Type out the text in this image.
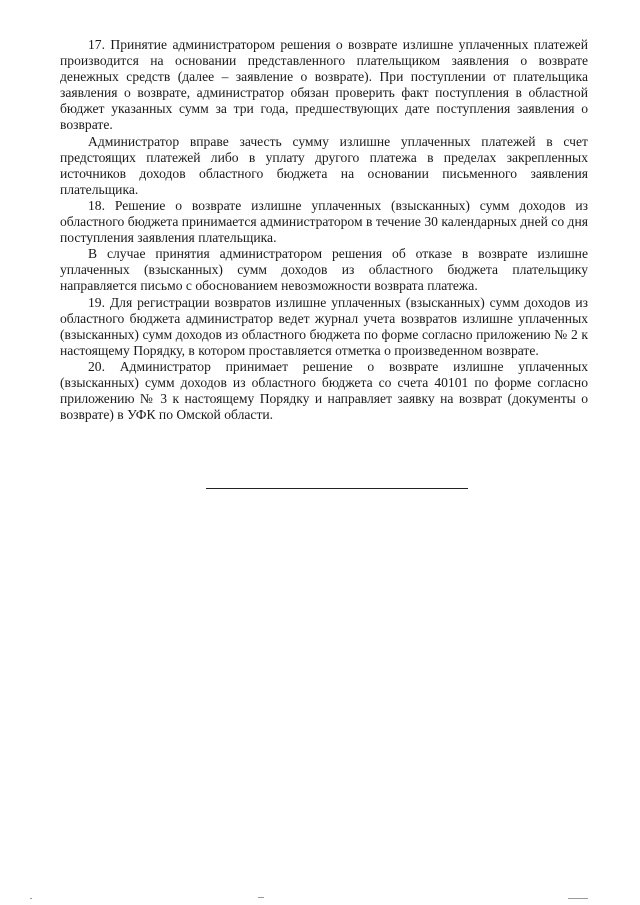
17. Принятие администратором решения о возврате излишне уплаченных платежей производится на основании представленного плательщиком заявления о возврате денежных средств (далее – заявление о возврате). При поступлении от плательщика заявления о возврате, администратор обязан проверить факт поступления в областной бюджет указанных сумм за три года, предшествующих дате поступления заявления о возврате.

Администратор вправе зачесть сумму излишне уплаченных платежей в счет предстоящих платежей либо в уплату другого платежа в пределах закрепленных источников доходов областного бюджета на основании письменного заявления плательщика.

18. Решение о возврате излишне уплаченных (взысканных) сумм доходов из областного бюджета принимается администратором в течение 30 календарных дней со дня поступления заявления плательщика.

В случае принятия администратором решения об отказе в возврате излишне уплаченных (взысканных) сумм доходов из областного бюджета плательщику направляется письмо с обоснованием невозможности возврата платежа.

19. Для регистрации возвратов излишне уплаченных (взысканных) сумм доходов из областного бюджета администратор ведет журнал учета возвратов излишне уплаченных (взысканных) сумм доходов из областного бюджета по форме согласно приложению № 2 к настоящему Порядку, в котором проставляется отметка о произведенном возврате.

20. Администратор принимает решение о возврате излишне уплаченных (взысканных) сумм доходов из областного бюджета со счета 40101 по форме согласно приложению № 3 к настоящему Порядку и направляет заявку на возврат (документы о возврате) в УФК по Омской области.
